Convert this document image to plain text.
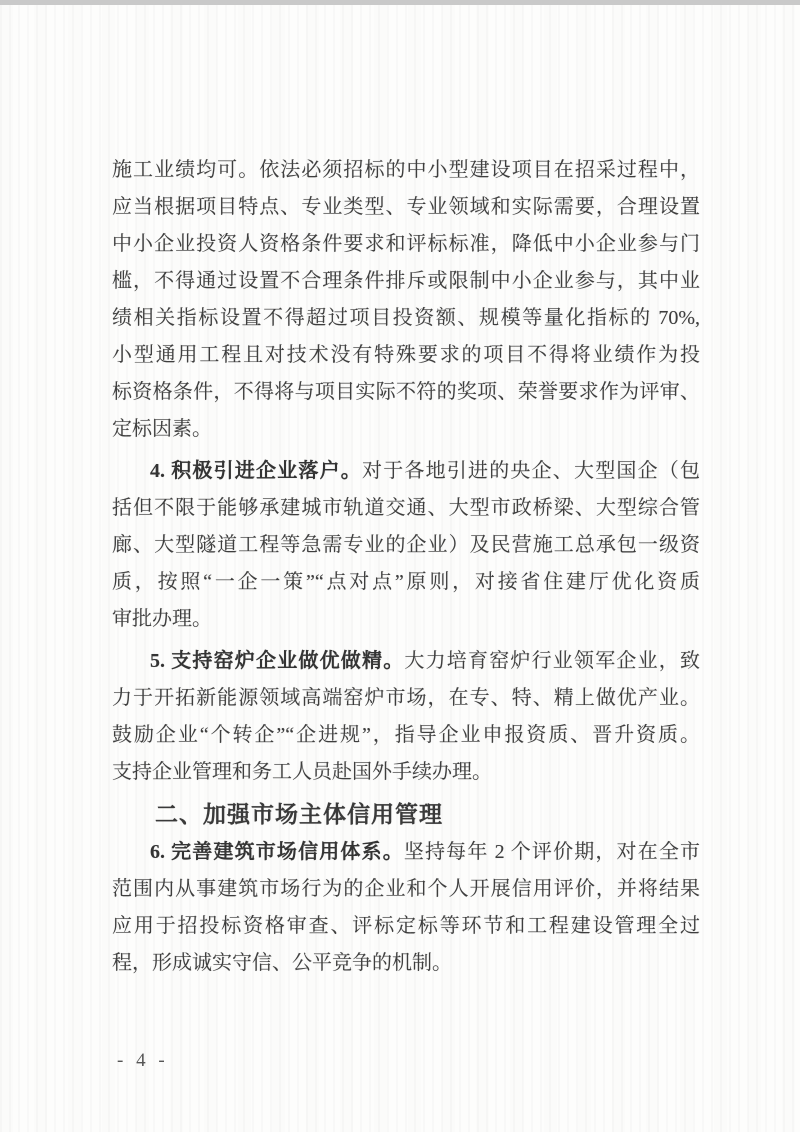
施工业绩均可。依法必须招标的中小型建设项目在招采过程中，
应当根据项目特点、专业类型、专业领域和实际需要，合理设置
中小企业投资人资格条件要求和评标标准，降低中小企业参与门
槛，不得通过设置不合理条件排斥或限制中小企业参与，其中业
绩相关指标设置不得超过项目投资额、规模等量化指标的 70%,
小型通用工程且对技术没有特殊要求的项目不得将业绩作为投
标资格条件，不得将与项目实际不符的奖项、荣誉要求作为评审、
定标因素。

4. 积极引进企业落户。对于各地引进的央企、大型国企（包
括但不限于能够承建城市轨道交通、大型市政桥梁、大型综合管
廊、大型隧道工程等急需专业的企业）及民营施工总承包一级资
质，按照“一企一策”“点对点”原则，对接省住建厅优化资质
审批办理。

5. 支持窑炉企业做优做精。大力培育窑炉行业领军企业，致
力于开拓新能源领域高端窑炉市场，在专、特、精上做优产业。
鼓励企业“个转企”“企进规”，指导企业申报资质、晋升资质。
支持企业管理和务工人员赴国外手续办理。

二、加强市场主体信用管理

6. 完善建筑市场信用体系。坚持每年 2 个评价期，对在全市
范围内从事建筑市场行为的企业和个人开展信用评价，并将结果
应用于招投标资格审查、评标定标等环节和工程建设管理全过
程，形成诚实守信、公平竞争的机制。

- 4 -
